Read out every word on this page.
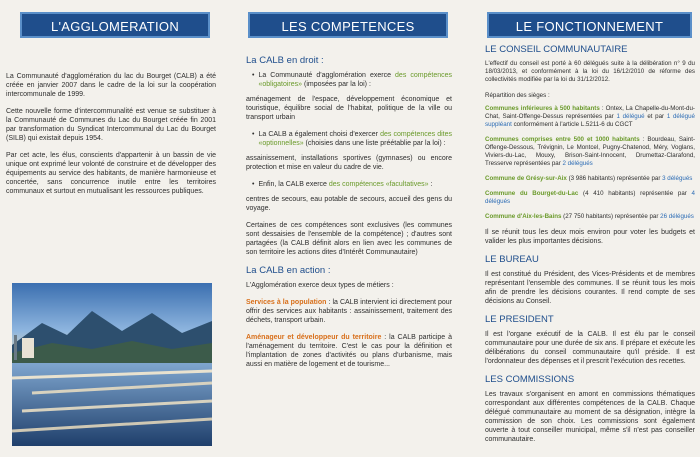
L'AGGLOMERATION

La Communauté d'agglomération du lac du Bourget (CALB) a été créée en janvier 2007 dans le cadre de la loi sur la coopération intercommunale de 1999.

Cette nouvelle forme d'intercommunalité est venue se substituer à la Communauté de Communes du Lac du Bourget créée fin 2001 par transformation du Syndicat Intercommunal du Lac du Bourget (SILB) qui existait depuis 1954.

Par cet acte, les élus, conscients d'appartenir à un bassin de vie unique ont exprimé leur volonté de construire et de développer des équipements au service des habitants, de manière harmonieuse et concertée, sans concurrence inutile entre les territoires communaux et surtout en mutualisant les ressources publiques.

LES COMPETENCES
La CALB en droit :
• La Communauté d'agglomération exerce des compétences «obligatoires» (imposées par la loi) :

aménagement de l'espace, développement économique et touristique, équilibre social de l'habitat, politique de la ville ou transport urbain

• La CALB a également choisi d'exercer des compétences dites «optionnelles» (choisies dans une liste préétablie par la loi) :

assainissement, installations sportives (gymnases) ou encore protection et mise en valeur du cadre de vie.

• Enfin, la CALB exerce des compétences «facultatives» :

centres de secours, eau potable de secours, accueil des gens du voyage.

Certaines de ces compétences sont exclusives (les communes sont dessaisies de l'ensemble de la compétence) ; d'autres sont partagées (la CALB définit alors en lien avec les communes de son territoire les actions dites d'Intérêt Communautaire)

La CALB en action :

L'Agglomération exerce deux types de métiers :

Services à la population : la CALB intervient ici directement pour offrir des services aux habitants : assainissement, traitement des déchets, transport urbain.

Aménageur et développeur du territoire : la CALB participe à l'aménagement du territoire. C'est le cas pour la définition et l'implantation de zones d'activités ou plans d'urbanisme, mais aussi en matière de logement et de tourisme...

LE FONCTIONNEMENT
LE CONSEIL COMMUNAUTAIRE

L'effectif du conseil est porté à 60 délégués suite à la délibération n° 9 du 18/03/2013, et conformément à la loi du 16/12/2010 de réforme des collectivités modifiée par la loi du 31/12/2012.

Répartition des sièges :

Communes inférieures à 500 habitants : Ontex, La Chapelle-du-Mont-du-Chat, Saint-Offenge-Dessus représentées par 1 délégué et par 1 délégué suppléant conformément à l'article L.5211-6 du CGCT

Communes comprises entre 500 et 1000 habitants : Bourdeau, Saint-Offenge-Dessous, Trévignin, Le Montcel, Pugny-Chatenod, Méry, Voglans, Viviers-du-Lac, Mouxy, Brison-Saint-Innocent, Drumettaz-Clarafond, Tresserve représentées par 2 délégués

Commune de Grésy-sur-Aix (3 986 habitants) représentée par 3 délégués

Commune du Bourget-du-Lac (4 410 habitants) représentée par 4 délégués

Commune d'Aix-les-Bains (27 750 habitants) représentée par 26 délégués

Il se réunit tous les deux mois environ pour voter les budgets et valider les plus importantes décisions.

LE BUREAU

Il est constitué du Président, des Vices-Présidents et de membres représentant l'ensemble des communes. Il se réunit tous les mois afin de prendre les décisions courantes. Il rend compte de ses décisions au Conseil.

LE PRESIDENT

Il est l'organe exécutif de la CALB. Il est élu par le conseil communautaire pour une durée de six ans. Il prépare et exécute les délibérations du conseil communautaire qu'il préside. Il est l'ordonnateur des dépenses et il prescrit l'exécution des recettes.

LES COMMISSIONS

Les travaux s'organisent en amont en commissions thématiques correspondant aux différentes compétences de la CALB. Chaque délégué communautaire au moment de sa désignation, intègre la commission de son choix. Les commissions sont également ouverte à tout conseiller municipal, même s'il n'est pas conseiller communautaire.
